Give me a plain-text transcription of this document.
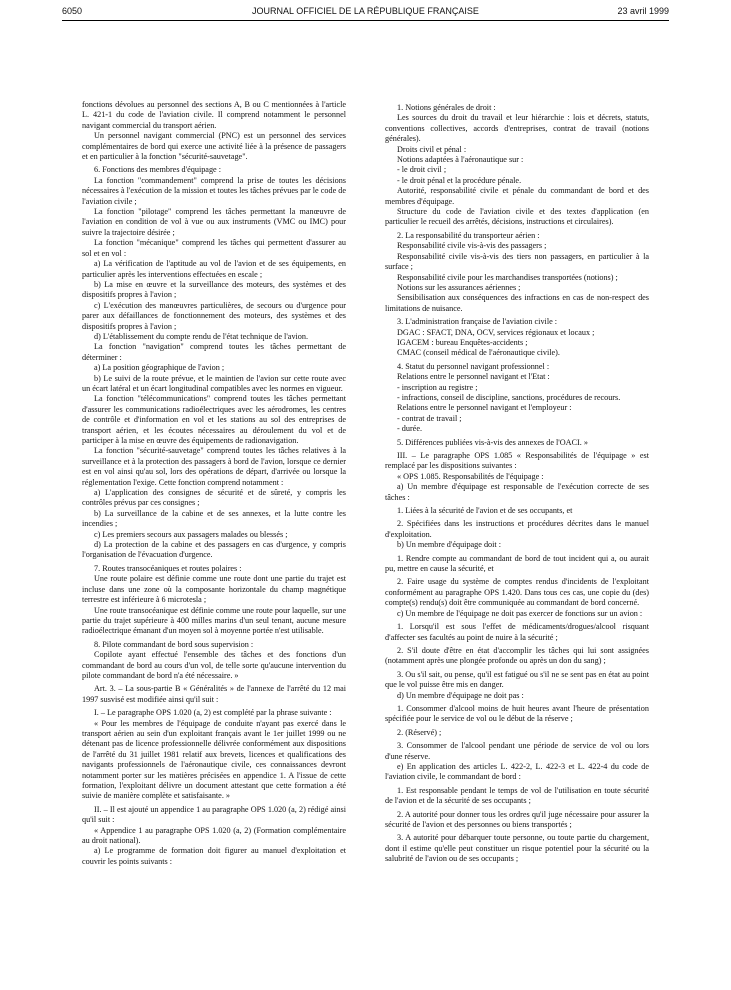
6050	JOURNAL OFFICIEL DE LA RÉPUBLIQUE FRANÇAISE	23 avril 1999

fonctions dévolues au personnel des sections A, B ou C mentionnées à l'article L. 421-1 du code de l'aviation civile. Il comprend notamment le personnel navigant commercial du transport aérien.

Un personnel navigant commercial (PNC) est un personnel des services complémentaires de bord qui exerce une activité liée à la présence de passagers et en particulier à la fonction "sécurité-sauvetage".

6. Fonctions des membres d'équipage :

La fonction "commandement" comprend la prise de toutes les décisions nécessaires à l'exécution de la mission et toutes les tâches prévues par le code de l'aviation civile ;

La fonction "pilotage" comprend les tâches permettant la manœuvre de l'aviation en condition de vol à vue ou aux instruments (VMC ou IMC) pour suivre la trajectoire désirée ;

La fonction "mécanique" comprend les tâches qui permettent d'assurer au sol et en vol :

a) La vérification de l'aptitude au vol de l'avion et de ses équipements, en particulier après les interventions effectuées en escale ;

b) La mise en œuvre et la surveillance des moteurs, des systèmes et des dispositifs propres à l'avion ;

c) L'exécution des manœuvres particulières, de secours ou d'urgence pour parer aux défaillances de fonctionnement des moteurs, des systèmes et des dispositifs propres à l'avion ;

d) L'établissement du compte rendu de l'état technique de l'avion.

La fonction "navigation" comprend toutes les tâches permettant de déterminer :

a) La position géographique de l'avion ;

b) Le suivi de la route prévue, et le maintien de l'avion sur cette route avec un écart latéral et un écart longitudinal compatibles avec les normes en vigueur.

La fonction "télécommunications" comprend toutes les tâches permettant d'assurer les communications radioélectriques avec les aérodromes, les centres de contrôle et d'information en vol et les stations au sol des entreprises de transport aérien, et les écoutes nécessaires au déroulement du vol et de participer à la mise en œuvre des équipements de radionavigation.

La fonction "sécurité-sauvetage" comprend toutes les tâches relatives à la surveillance et à la protection des passagers à bord de l'avion, lorsque ce dernier est en vol ainsi qu'au sol, lors des opérations de départ, d'arrivée ou lorsque la réglementation l'exige. Cette fonction comprend notamment :

a) L'application des consignes de sécurité et de sûreté, y compris les contrôles prévus par ces consignes ;

b) La surveillance de la cabine et de ses annexes, et la lutte contre les incendies ;

c) Les premiers secours aux passagers malades ou blessés ;

d) La protection de la cabine et des passagers en cas d'urgence, y compris l'organisation de l'évacuation d'urgence.

7. Routes transocéaniques et routes polaires :

Une route polaire est définie comme une route dont une partie du trajet est incluse dans une zone où la composante horizontale du champ magnétique terrestre est inférieure à 6 microtesla ;

Une route transocéanique est définie comme une route pour laquelle, sur une partie du trajet supérieure à 400 milles marins d'un seul tenant, aucune mesure radioélectrique émanant d'un moyen sol à moyenne portée n'est utilisable.

8. Pilote commandant de bord sous supervision :

Copilote ayant effectué l'ensemble des tâches et des fonctions d'un commandant de bord au cours d'un vol, de telle sorte qu'aucune intervention du pilote commandant de bord n'a été nécessaire. »

Art. 3. – La sous-partie B « Généralités » de l'annexe de l'arrêté du 12 mai 1997 susvisé est modifiée ainsi qu'il suit :

I. – Le paragraphe OPS 1.020 (a, 2) est complété par la phrase suivante :

« Pour les membres de l'équipage de conduite n'ayant pas exercé dans le transport aérien au sein d'un exploitant français avant le 1er juillet 1999 ou ne détenant pas de licence professionnelle délivrée conformément aux dispositions de l'arrêté du 31 juillet 1981 relatif aux brevets, licences et qualifications des navigants professionnels de l'aéronautique civile, ces connaissances devront notamment porter sur les matières précisées en appendice 1. A l'issue de cette formation, l'exploitant délivre un document attestant que cette formation a été suivie de manière complète et satisfaisante. »

II. – Il est ajouté un appendice 1 au paragraphe OPS 1.020 (a, 2) rédigé ainsi qu'il suit :

« Appendice 1 au paragraphe OPS 1.020 (a, 2) (Formation complémentaire au droit national).

a) Le programme de formation doit figurer au manuel d'exploitation et couvrir les points suivants :

1. Notions générales de droit :

Les sources du droit du travail et leur hiérarchie : lois et décrets, statuts, conventions collectives, accords d'entreprises, contrat de travail (notions générales).

Droits civil et pénal :

Notions adaptées à l'aéronautique sur :

- le droit civil ;

- le droit pénal et la procédure pénale.

Autorité, responsabilité civile et pénale du commandant de bord et des membres d'équipage.

Structure du code de l'aviation civile et des textes d'application (en particulier le recueil des arrêtés, décisions, instructions et circulaires).

2. La responsabilité du transporteur aérien :

Responsabilité civile vis-à-vis des passagers ;

Responsabilité civile vis-à-vis des tiers non passagers, en particulier à la surface ;

Responsabilité civile pour les marchandises transportées (notions) ;

Notions sur les assurances aériennes ;

Sensibilisation aux conséquences des infractions en cas de non-respect des limitations de nuisance.

3. L'administration française de l'aviation civile :

DGAC : SFACT, DNA, OCV, services régionaux et locaux ;

IGACEM : bureau Enquêtes-accidents ;

CMAC (conseil médical de l'aéronautique civile).

4. Statut du personnel navigant professionnel :

Relations entre le personnel navigant et l'Etat :

- inscription au registre ;

- infractions, conseil de discipline, sanctions, procédures de recours.

Relations entre le personnel navigant et l'employeur :

- contrat de travail ;

- durée.

5. Différences publiées vis-à-vis des annexes de l'OACI. »

III. – Le paragraphe OPS 1.085 « Responsabilités de l'équipage » est remplacé par les dispositions suivantes :

« OPS 1.085. Responsabilités de l'équipage :

a) Un membre d'équipage est responsable de l'exécution correcte de ses tâches :

1. Liées à la sécurité de l'avion et de ses occupants, et

2. Spécifiées dans les instructions et procédures décrites dans le manuel d'exploitation.

b) Un membre d'équipage doit :

1. Rendre compte au commandant de bord de tout incident qui a, ou aurait pu, mettre en cause la sécurité, et

2. Faire usage du système de comptes rendus d'incidents de l'exploitant conformément au paragraphe OPS 1.420. Dans tous ces cas, une copie du (des) compte(s) rendu(s) doit être communiquée au commandant de bord concerné.

c) Un membre de l'équipage ne doit pas exercer de fonctions sur un avion :

1. Lorsqu'il est sous l'effet de médicaments/drogues/alcool risquant d'affecter ses facultés au point de nuire à la sécurité ;

2. S'il doute d'être en état d'accomplir les tâches qui lui sont assignées (notamment après une plongée profonde ou après un don du sang) ;

3. Ou s'il sait, ou pense, qu'il est fatigué ou s'il ne se sent pas en état au point que le vol puisse être mis en danger.

d) Un membre d'équipage ne doit pas :

1. Consommer d'alcool moins de huit heures avant l'heure de présentation spécifiée pour le service de vol ou le début de la réserve ;

2. (Réservé) ;

3. Consommer de l'alcool pendant une période de service de vol ou lors d'une réserve.

e) En application des articles L. 422-2, L. 422-3 et L. 422-4 du code de l'aviation civile, le commandant de bord :

1. Est responsable pendant le temps de vol de l'utilisation en toute sécurité de l'avion et de la sécurité de ses occupants ;

2. A autorité pour donner tous les ordres qu'il juge nécessaire pour assurer la sécurité de l'avion et des personnes ou biens transportés ;

3. A autorité pour débarquer toute personne, ou toute partie du chargement, dont il estime qu'elle peut constituer un risque potentiel pour la sécurité ou la salubrité de l'avion ou de ses occupants ;
